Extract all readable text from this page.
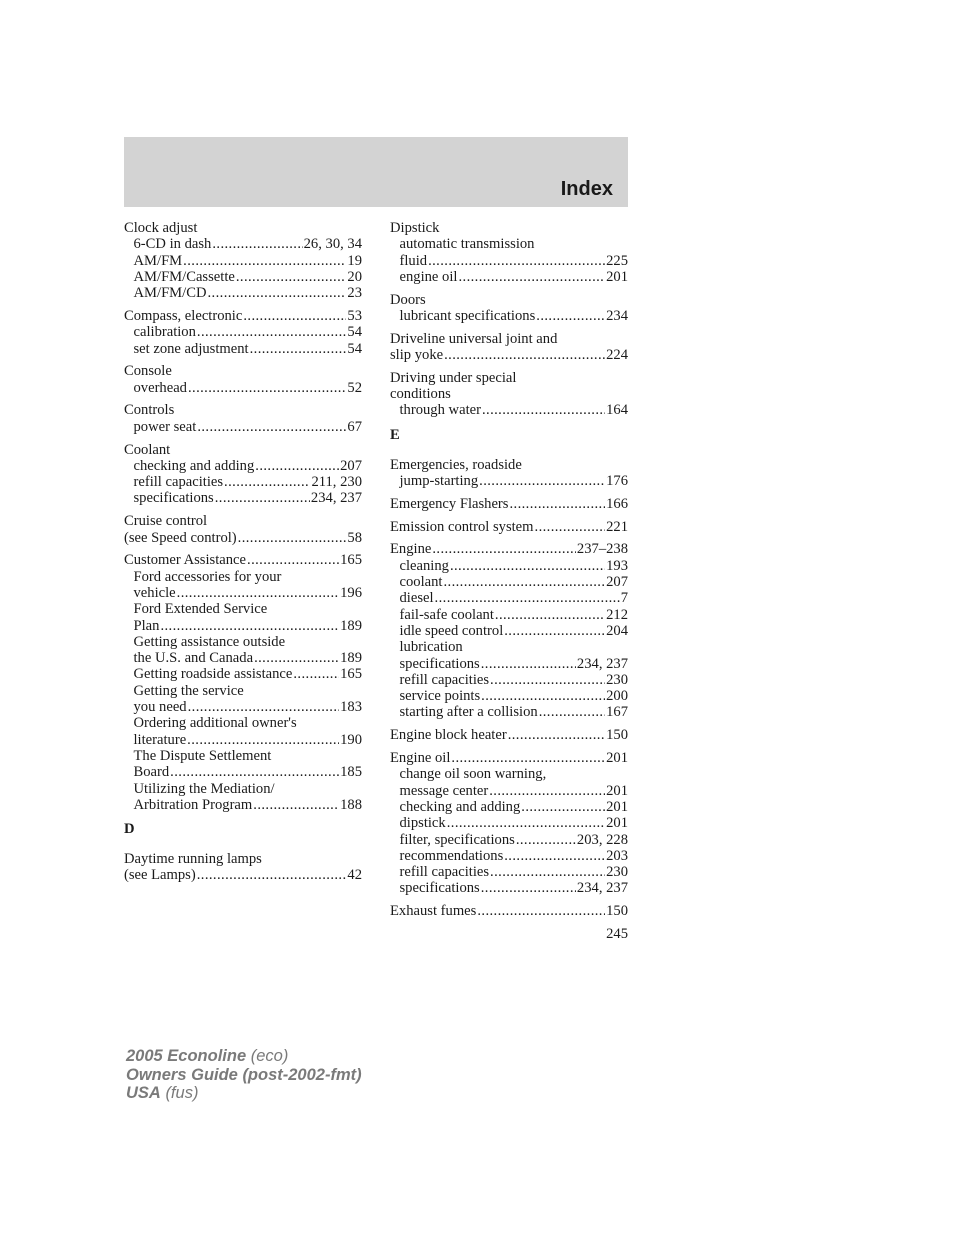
Index
Clock adjust
6-CD in dash .....	26, 30, 34
AM/FM .....	19
AM/FM/Cassette .....	20
AM/FM/CD .....	23
Compass, electronic .....	53
calibration .....	54
set zone adjustment .....	54
Console
overhead .....	52
Controls
power seat .....	67
Coolant
checking and adding .....	207
refill capacities .....	211, 230
specifications .....	234, 237
Cruise control
(see Speed control) .....	58
Customer Assistance .....	165
Ford accessories for your
vehicle .....	196
Ford Extended Service
Plan .....	189
Getting assistance outside
the U.S. and Canada .....	189
Getting roadside assistance .....	165
Getting the service
you need .....	183
Ordering additional owner's
literature .....	190
The Dispute Settlement
Board .....	185
Utilizing the Mediation/
Arbitration Program .....	188
D
Daytime running lamps
(see Lamps) .....	42
Dipstick
automatic transmission
fluid .....	225
engine oil .....	201
Doors
lubricant specifications .....	234
Driveline universal joint and
slip yoke .....	224
Driving under special
conditions
through water .....	164
E
Emergencies, roadside
jump-starting .....	176
Emergency Flashers .....	166
Emission control system .....	221
Engine .....	237–238
cleaning .....	193
coolant .....	207
diesel .....	7
fail-safe coolant .....	212
idle speed control .....	204
lubrication
specifications .....	234, 237
refill capacities .....	230
service points .....	200
starting after a collision .....	167
Engine block heater .....	150
Engine oil .....	201
change oil soon warning,
message center .....	201
checking and adding .....	201
dipstick .....	201
filter, specifications .....	203, 228
recommendations .....	203
refill capacities .....	230
specifications .....	234, 237
Exhaust fumes .....	150
245
2005 Econoline (eco)
Owners Guide (post-2002-fmt)
USA (fus)
